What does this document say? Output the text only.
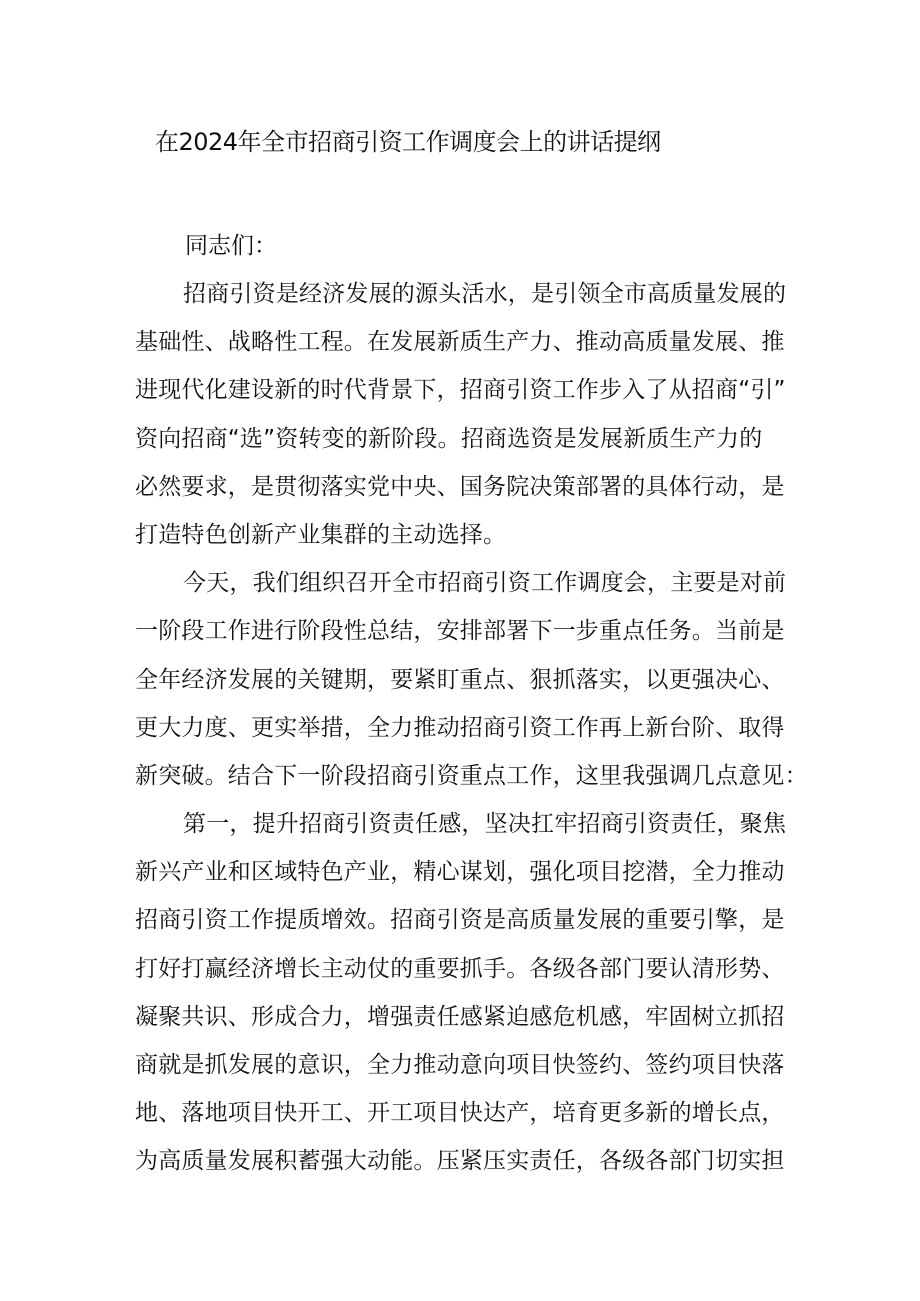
在2024年全市招商引资工作调度会上的讲话提纲

同志们：

招商引资是经济发展的源头活水，是引领全市高质量发展的
基础性、战略性工程。在发展新质生产力、推动高质量发展、推
进现代化建设新的时代背景下，招商引资工作步入了从招商“引”
资向招商“选”资转变的新阶段。招商选资是发展新质生产力的
必然要求，是贯彻落实党中央、国务院决策部署的具体行动，是
打造特色创新产业集群的主动选择。

今天，我们组织召开全市招商引资工作调度会，主要是对前
一阶段工作进行阶段性总结，安排部署下一步重点任务。当前是
全年经济发展的关键期，要紧盯重点、狠抓落实，以更强决心、
更大力度、更实举措，全力推动招商引资工作再上新台阶、取得
新突破。结合下一阶段招商引资重点工作，这里我强调几点意见：

第一，提升招商引资责任感，坚决扛牢招商引资责任，聚焦
新兴产业和区域特色产业，精心谋划，强化项目挖潜，全力推动
招商引资工作提质增效。招商引资是高质量发展的重要引擎，是
打好打赢经济增长主动仗的重要抓手。各级各部门要认清形势、
凝聚共识、形成合力，增强责任感紧迫感危机感，牢固树立抓招
商就是抓发展的意识，全力推动意向项目快签约、签约项目快落
地、落地项目快开工、开工项目快达产，培育更多新的增长点，
为高质量发展积蓄强大动能。压紧压实责任，各级各部门切实担
